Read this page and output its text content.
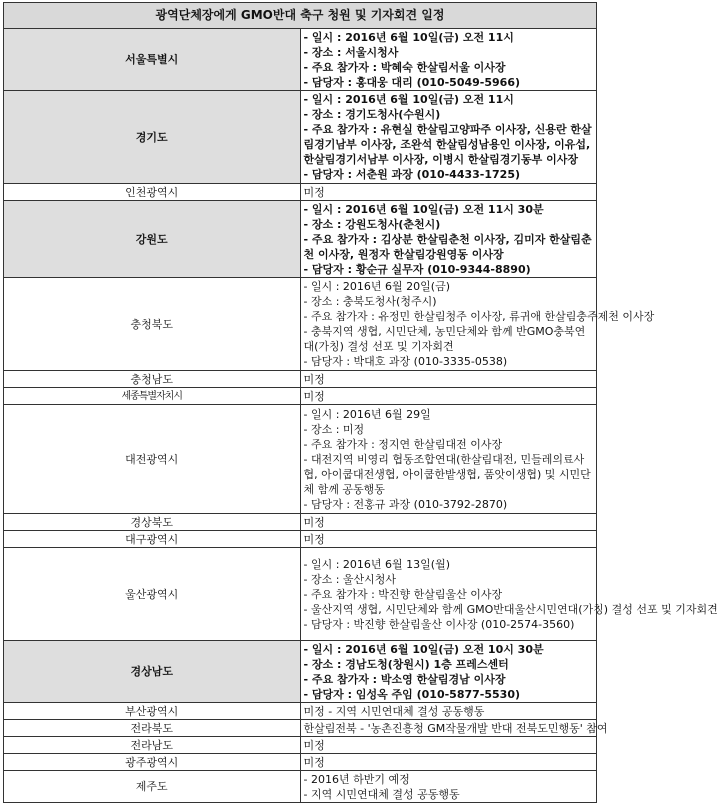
광역단체장에게 GMO반대 축구 청원 및 기자회견 일정	
서울특별시	- 일시 : 2016년 6월 10일(금) 오전 11시
- 장소 : 서울시청사
- 주요 참가자 : 박혜숙 한살림서울 이사장
- 담당자 : 홍대웅 대리 (010-5049-5966)

경기도	- 일시 : 2016년 6월 10일(금) 오전 11시
- 장소 : 경기도청사(수원시)
- 주요 참가자 : 유현실 한살림고양파주 이사장, 신용란 한살림경기남부 이사장, 조완석 한살림성남용인 이사장, 이유섭, 한살림경기서남부 이사장, 이병시 한살림경기동부 이사장
- 담당자 : 서춘원 과장 (010-4433-1725)

인천광역시	미정

강원도	- 일시 : 2016년 6월 10일(금) 오전 11시 30분
- 장소 : 강원도청사(춘천시)
- 주요 참가자 : 김상분 한살림춘천 이사장, 김미자 한살림춘천 이사장, 원정자 한살림강원영동 이사장
- 담당자 : 황순규 실무자 (010-9344-8890)

충청북도	- 일시 : 2016년 6월 20일(금)
- 장소 : 충북도청사(청주시)
- 주요 참가자 : 유정민 한살림청주 이사장, 류귀애 한살림충주제천 이사장
- 충북지역 생협, 시민단체, 농민단체와 함께 반GMO충북연대(가칭) 결성 선포 및 기자회견
- 담당자 : 박대호 과장 (010-3335-0538)

충청남도	미정

세종특별자치시	미정

대전광역시	- 일시 : 2016년 6월 29일
- 장소 : 미정
- 주요 참가자 : 정지연 한살림대전 이사장
- 대전지역 비영리 협동조합연대(한살림대전, 민들레의료사협, 아이쿱대전생협, 아이쿱한밭생협, 품앗이생협) 및 시민단체 함께 공동행동
- 담당자 : 전홍규 과장 (010-3792-2870)

경상북도	미정

대구광역시	미정

울산광역시	- 일시 : 2016년 6월 13일(월)
- 장소 : 울산시청사
- 주요 참가자 : 박진향 한살림울산 이사장
- 울산지역 생협, 시민단체와 함께 GMO반대울산시민연대(가칭) 결성 선포 및 기자회견
- 담당자 : 박진향 한살림울산 이사장 (010-2574-3560)

경상남도	- 일시 : 2016년 6월 10일(금) 오전 10시 30분
- 장소 : 경남도청(창원시) 1층 프레스센터
- 주요 참가자 : 박소영 한살림경남 이사장
- 담당자 : 임성옥 주임 (010-5877-5530)

부산광역시	미정 - 지역 시민연대체 결성 공동행동

전라북도	한살림전북 - '농촌진흥청 GM작물개발 반대 전북도민행동' 참여

전라남도	미정

광주광역시	미정

제주도	- 2016년 하반기 예정
- 지역 시민연대체 결성 공동행동
